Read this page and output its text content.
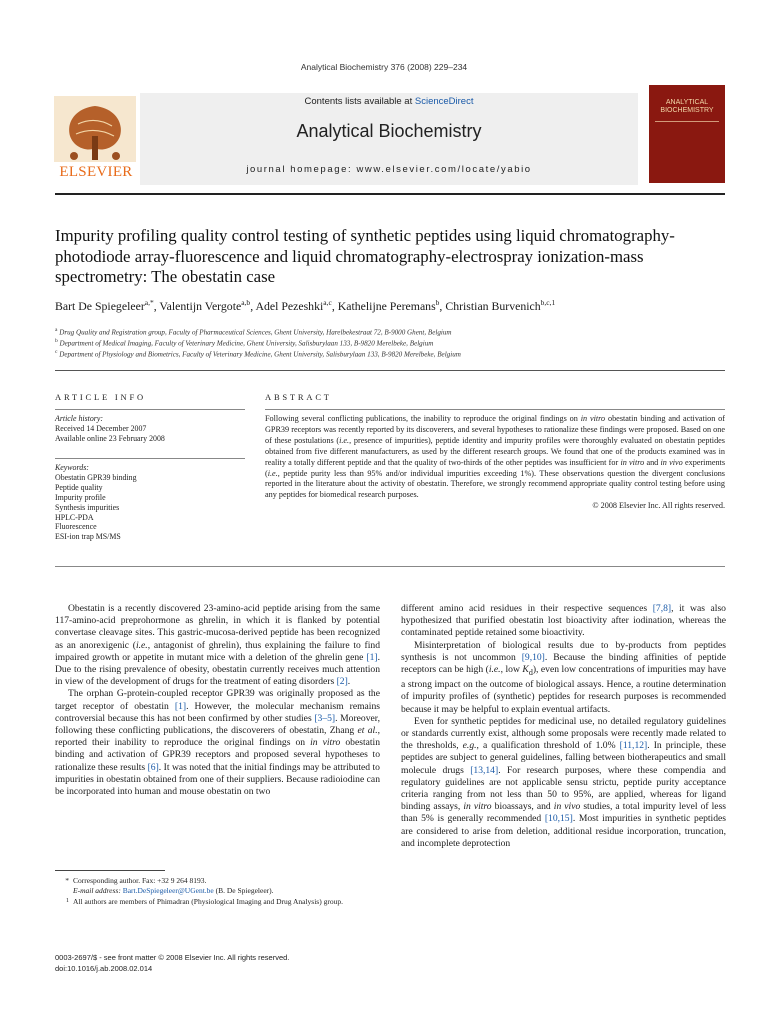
Analytical Biochemistry 376 (2008) 229–234
ELSEVIER
Contents lists available at ScienceDirect
Analytical Biochemistry
journal homepage: www.elsevier.com/locate/yabio
ANALYTICAL
BIOCHEMISTRY
Impurity profiling quality control testing of synthetic peptides using liquid chromatography-photodiode array-fluorescence and liquid chromatography-electrospray ionization-mass spectrometry: The obestatin case
Bart De Spiegeleer$^{a,*}$, Valentijn Vergote$^{a,b}$, Adel Pezeshki$^{a,c}$, Kathelijne Peremans$^b$, Christian Burvenich$^{b,c,1}$
$^a$ Drug Quality and Registration group, Faculty of Pharmaceutical Sciences, Ghent University, Harelbekestraat 72, B-9000 Ghent, Belgium
$^b$ Department of Medical Imaging, Faculty of Veterinary Medicine, Ghent University, Salisburylaan 133, B-9820 Merelbeke, Belgium
$^c$ Department of Physiology and Biometrics, Faculty of Veterinary Medicine, Ghent University, Salisburylaan 133, B-9820 Merelbeke, Belgium
ARTICLE INFO
Article history:
Received 14 December 2007
Available online 23 February 2008
Keywords:
Obestatin GPR39 binding
Peptide quality
Impurity profile
Synthesis impurities
HPLC-PDA
Fluorescence
ESI-ion trap MS/MS
ABSTRACT
Following several conflicting publications, the inability to reproduce the original findings on in vitro obestatin binding and activation of GPR39 receptors was recently reported by its discoverers, and several hypotheses to rationalize these findings were proposed. Based on one of these postulations (i.e., presence of impurities), peptide identity and impurity profiles were thoroughly evaluated on obestatin peptides obtained from five different manufacturers, as used by the different research groups. We found that one of the products examined was in reality a totally different peptide and that the quality of two-thirds of the other peptides was insufficient for in vitro and in vivo experiments (i.e., peptide purity less than 95% and/or individual impurities exceeding 1%). These observations question the divergent conclusions reported in the literature about the activity of obestatin. Therefore, we strongly recommend appropriate quality control testing before using any peptides for biomedical research purposes.
© 2008 Elsevier Inc. All rights reserved.

Obestatin is a recently discovered 23-amino-acid peptide arising from the same 117-amino-acid preprohormone as ghrelin, in which it is flanked by potential convertase cleavage sites. This gastric-mucosa-derived peptide has been recognized as an anorexigenic (i.e., antagonist of ghrelin), thus explaining the failure to find impaired growth or appetite in mutant mice with a deletion of the ghrelin gene [1]. Due to the rising prevalence of obesity, obestatin currently receives much attention in view of the development of drugs for the treatment of eating disorders [2].

The orphan G-protein-coupled receptor GPR39 was originally proposed as the target receptor of obestatin [1]. However, the molecular mechanism remains controversial because this has not been confirmed by other studies [3–5]. Moreover, following these conflicting publications, the discoverers of obestatin, Zhang et al., reported their inability to reproduce the original findings on in vitro obestatin binding and activation of GPR39 receptors and proposed several hypotheses to rationalize these results [6]. It was noted that the initial findings may be attributed to impurities in obestatin obtained from one of their suppliers. Because radioiodine can be incorporated into human and mouse obestatin on two

different amino acid residues in their respective sequences [7,8], it was also hypothesized that purified obestatin lost bioactivity after iodination, whereas the contaminated peptide retained some bioactivity.

Misinterpretation of biological results due to by-products from peptides synthesis is not uncommon [9,10]. Because the binding affinities of peptide receptors can be high (i.e., low $K_d$), even low concentrations of impurities may have a strong impact on the outcome of biological assays. Hence, a routine determination of impurity profiles of (synthetic) peptides for research purposes is recommended because it may be helpful to explain eventual artifacts.

Even for synthetic peptides for medicinal use, no detailed regulatory guidelines or standards currently exist, although some proposals were recently made related to the thresholds, e.g., a qualification threshold of 1.0% [11,12]. In principle, these peptides are subject to general guidelines, falling between biotherapeutics and small molecule drugs [13,14]. For research purposes, where these compendia and regulatory guidelines are not applicable sensu strictu, peptide purity acceptance criteria ranging from not less than 50 to 95%, are applied, whereas for ligand binding assays, in vitro bioassays, and in vivo studies, a total impurity level of less than 5% is generally recommended [10,15]. Most impurities in synthetic peptides are considered to arise from deletion, additional residue incorporation, truncation, and incomplete deprotection

* Corresponding author. Fax: +32 9 264 8193.
E-mail address: Bart.DeSpiegeleer@UGent.be (B. De Spiegeleer).
1 All authors are members of Phimadran (Physiological Imaging and Drug Analysis) group.
0003-2697/$ - see front matter © 2008 Elsevier Inc. All rights reserved.
doi:10.1016/j.ab.2008.02.014
